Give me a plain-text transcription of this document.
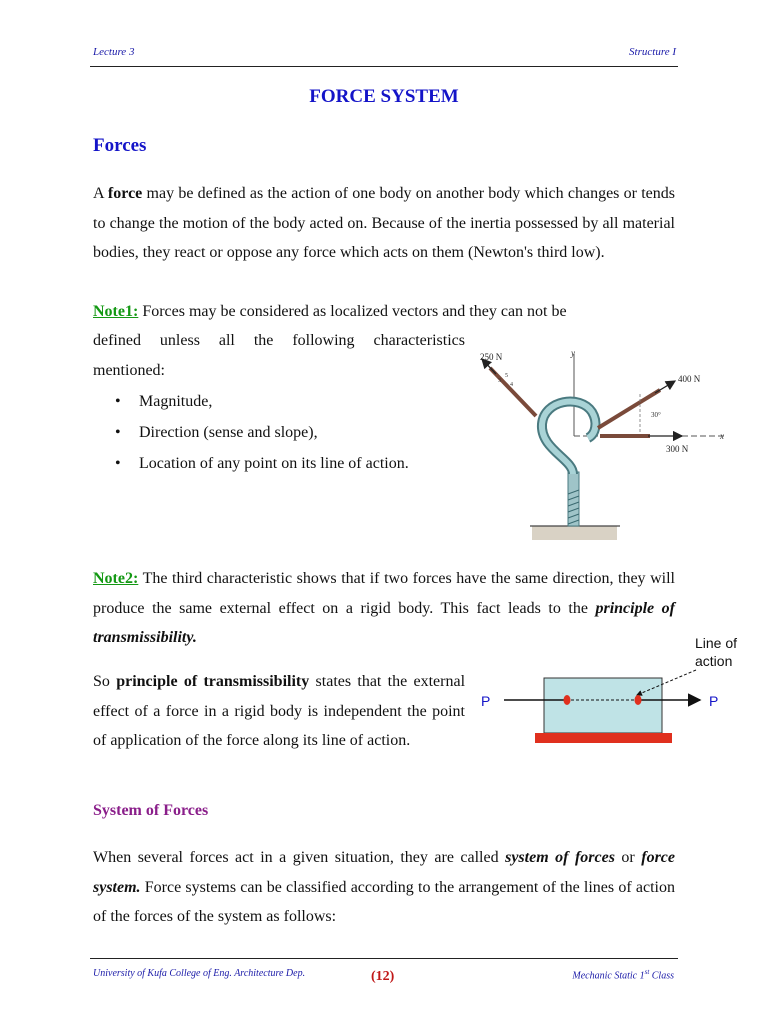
Lecture 3	Structure I
FORCE SYSTEM
Forces
A force may be defined as the action of one body on another body which changes or tends to change the motion of the body acted on. Because of the inertia possessed by all material bodies, they react or oppose any force which acts on them (Newton's third low).
Note1: Forces may be considered as localized vectors and they can not be
defined unless all the following characteristics mentioned:
• Magnitude,
• Direction (sense and slope),
• Location of any point on its line of action.
y
x
250 N
5
3
4
400 N
30°
300 N
Note2: The third characteristic shows that if two forces have the same direction, they will produce the same external effect on a rigid body. This fact leads to the principle of transmissibility.
So principle of transmissibility states that the external effect of a force in a rigid body is independent the point of application of the force along its line of action.
Line of
action
P	P
System of Forces
When several forces act in a given situation, they are called system of forces or force system. Force systems can be classified according to the arrangement of the lines of action of the forces of the system as follows:
University of Kufa College of Eng. Architecture Dep.	(12)	Mechanic Static 1st Class
